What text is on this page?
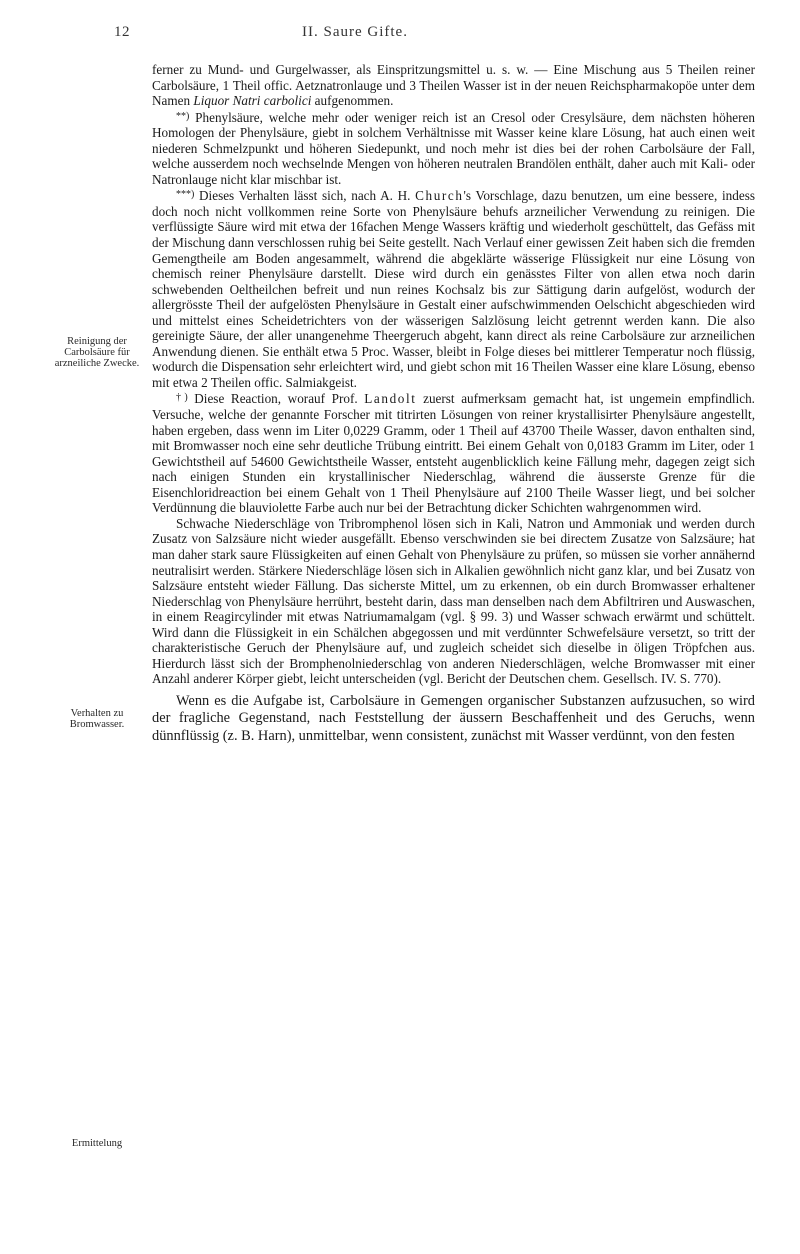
12	II. Saure Gifte.
Reinigung der Carbolsäure für arzneiliche Zwecke.
Verhalten zu Bromwasser.
Ermittelung

ferner zu Mund- und Gurgelwasser, als Einspritzungsmittel u. s. w. — Eine Mischung aus 5 Theilen reiner Carbolsäure, 1 Theil offic. Aetznatronlauge und 3 Theilen Wasser ist in der neuen Reichspharmakopöe unter dem Namen Liquor Natri carbolici aufgenommen.

**) Phenylsäure, welche mehr oder weniger reich ist an Cresol oder Cresylsäure, dem nächsten höheren Homologen der Phenylsäure, giebt in solchem Verhältnisse mit Wasser keine klare Lösung, hat auch einen weit niederen Schmelzpunkt und höheren Siedepunkt, und noch mehr ist dies bei der rohen Carbolsäure der Fall, welche ausserdem noch wechselnde Mengen von höheren neutralen Brandölen enthält, daher auch mit Kali- oder Natronlauge nicht klar mischbar ist.

***) Dieses Verhalten lässt sich, nach A. H. Church's Vorschlage, dazu benutzen, um eine bessere, indess doch noch nicht vollkommen reine Sorte von Phenylsäure behufs arzneilicher Verwendung zu reinigen. Die verflüssigte Säure wird mit etwa der 16fachen Menge Wassers kräftig und wiederholt geschüttelt, das Gefäss mit der Mischung dann verschlossen ruhig bei Seite gestellt. Nach Verlauf einer gewissen Zeit haben sich die fremden Gemengtheile am Boden angesammelt, während die abgeklärte wässerige Flüssigkeit nur eine Lösung von chemisch reiner Phenylsäure darstellt. Diese wird durch ein genässtes Filter von allen etwa noch darin schwebenden Oeltheilchen befreit und nun reines Kochsalz bis zur Sättigung darin aufgelöst, wodurch der allergrösste Theil der aufgelösten Phenylsäure in Gestalt einer aufschwimmenden Oelschicht abgeschieden wird und mittelst eines Scheidetrichters von der wässerigen Salzlösung leicht getrennt werden kann. Die also gereinigte Säure, der aller unangenehme Theergeruch abgeht, kann direct als reine Carbolsäure zur arzneilichen Anwendung dienen. Sie enthält etwa 5 Proc. Wasser, bleibt in Folge dieses bei mittlerer Temperatur noch flüssig, wodurch die Dispensation sehr erleichtert wird, und giebt schon mit 16 Theilen Wasser eine klare Lösung, ebenso mit etwa 2 Theilen offic. Salmiakgeist.

†) Diese Reaction, worauf Prof. Landolt zuerst aufmerksam gemacht hat, ist ungemein empfindlich. Versuche, welche der genannte Forscher mit titrirten Lösungen von reiner krystallisirter Phenylsäure angestellt, haben ergeben, dass wenn im Liter 0,0229 Gramm, oder 1 Theil auf 43700 Theile Wasser, davon enthalten sind, mit Bromwasser noch eine sehr deutliche Trübung eintritt. Bei einem Gehalt von 0,0183 Gramm im Liter, oder 1 Gewichtstheil auf 54600 Gewichtstheile Wasser, entsteht augenblicklich keine Fällung mehr, dagegen zeigt sich nach einigen Stunden ein krystallinischer Niederschlag, während die äusserste Grenze für die Eisenchloridreaction bei einem Gehalt von 1 Theil Phenylsäure auf 2100 Theile Wasser liegt, und bei solcher Verdünnung die blauviolette Farbe auch nur bei der Betrachtung dicker Schichten wahrgenommen wird.

Schwache Niederschläge von Tribromphenol lösen sich in Kali, Natron und Ammoniak und werden durch Zusatz von Salzsäure nicht wieder ausgefällt. Ebenso verschwinden sie bei directem Zusatze von Salzsäure; hat man daher stark saure Flüssigkeiten auf einen Gehalt von Phenylsäure zu prüfen, so müssen sie vorher annähernd neutralisirt werden. Stärkere Niederschläge lösen sich in Alkalien gewöhnlich nicht ganz klar, und bei Zusatz von Salzsäure entsteht wieder Fällung. Das sicherste Mittel, um zu erkennen, ob ein durch Bromwasser erhaltener Niederschlag von Phenylsäure herrührt, besteht darin, dass man denselben nach dem Abfiltriren und Auswaschen, in einem Reagircylinder mit etwas Natriumamalgam (vgl. § 99. 3) und Wasser schwach erwärmt und schüttelt. Wird dann die Flüssigkeit in ein Schälchen abgegossen und mit verdünnter Schwefelsäure versetzt, so tritt der charakteristische Geruch der Phenylsäure auf, und zugleich scheidet sich dieselbe in öligen Tröpfchen aus. Hierdurch lässt sich der Bromphenolniederschlag von anderen Niederschlägen, welche Bromwasser mit einer Anzahl anderer Körper giebt, leicht unterscheiden (vgl. Bericht der Deutschen chem. Gesellsch. IV. S. 770).

Wenn es die Aufgabe ist, Carbolsäure in Gemengen organischer Substanzen aufzusuchen, so wird der fragliche Gegenstand, nach Feststellung der äussern Beschaffenheit und des Geruchs, wenn dünnflüssig (z. B. Harn), unmittelbar, wenn consistent, zunächst mit Wasser verdünnt, von den festen
